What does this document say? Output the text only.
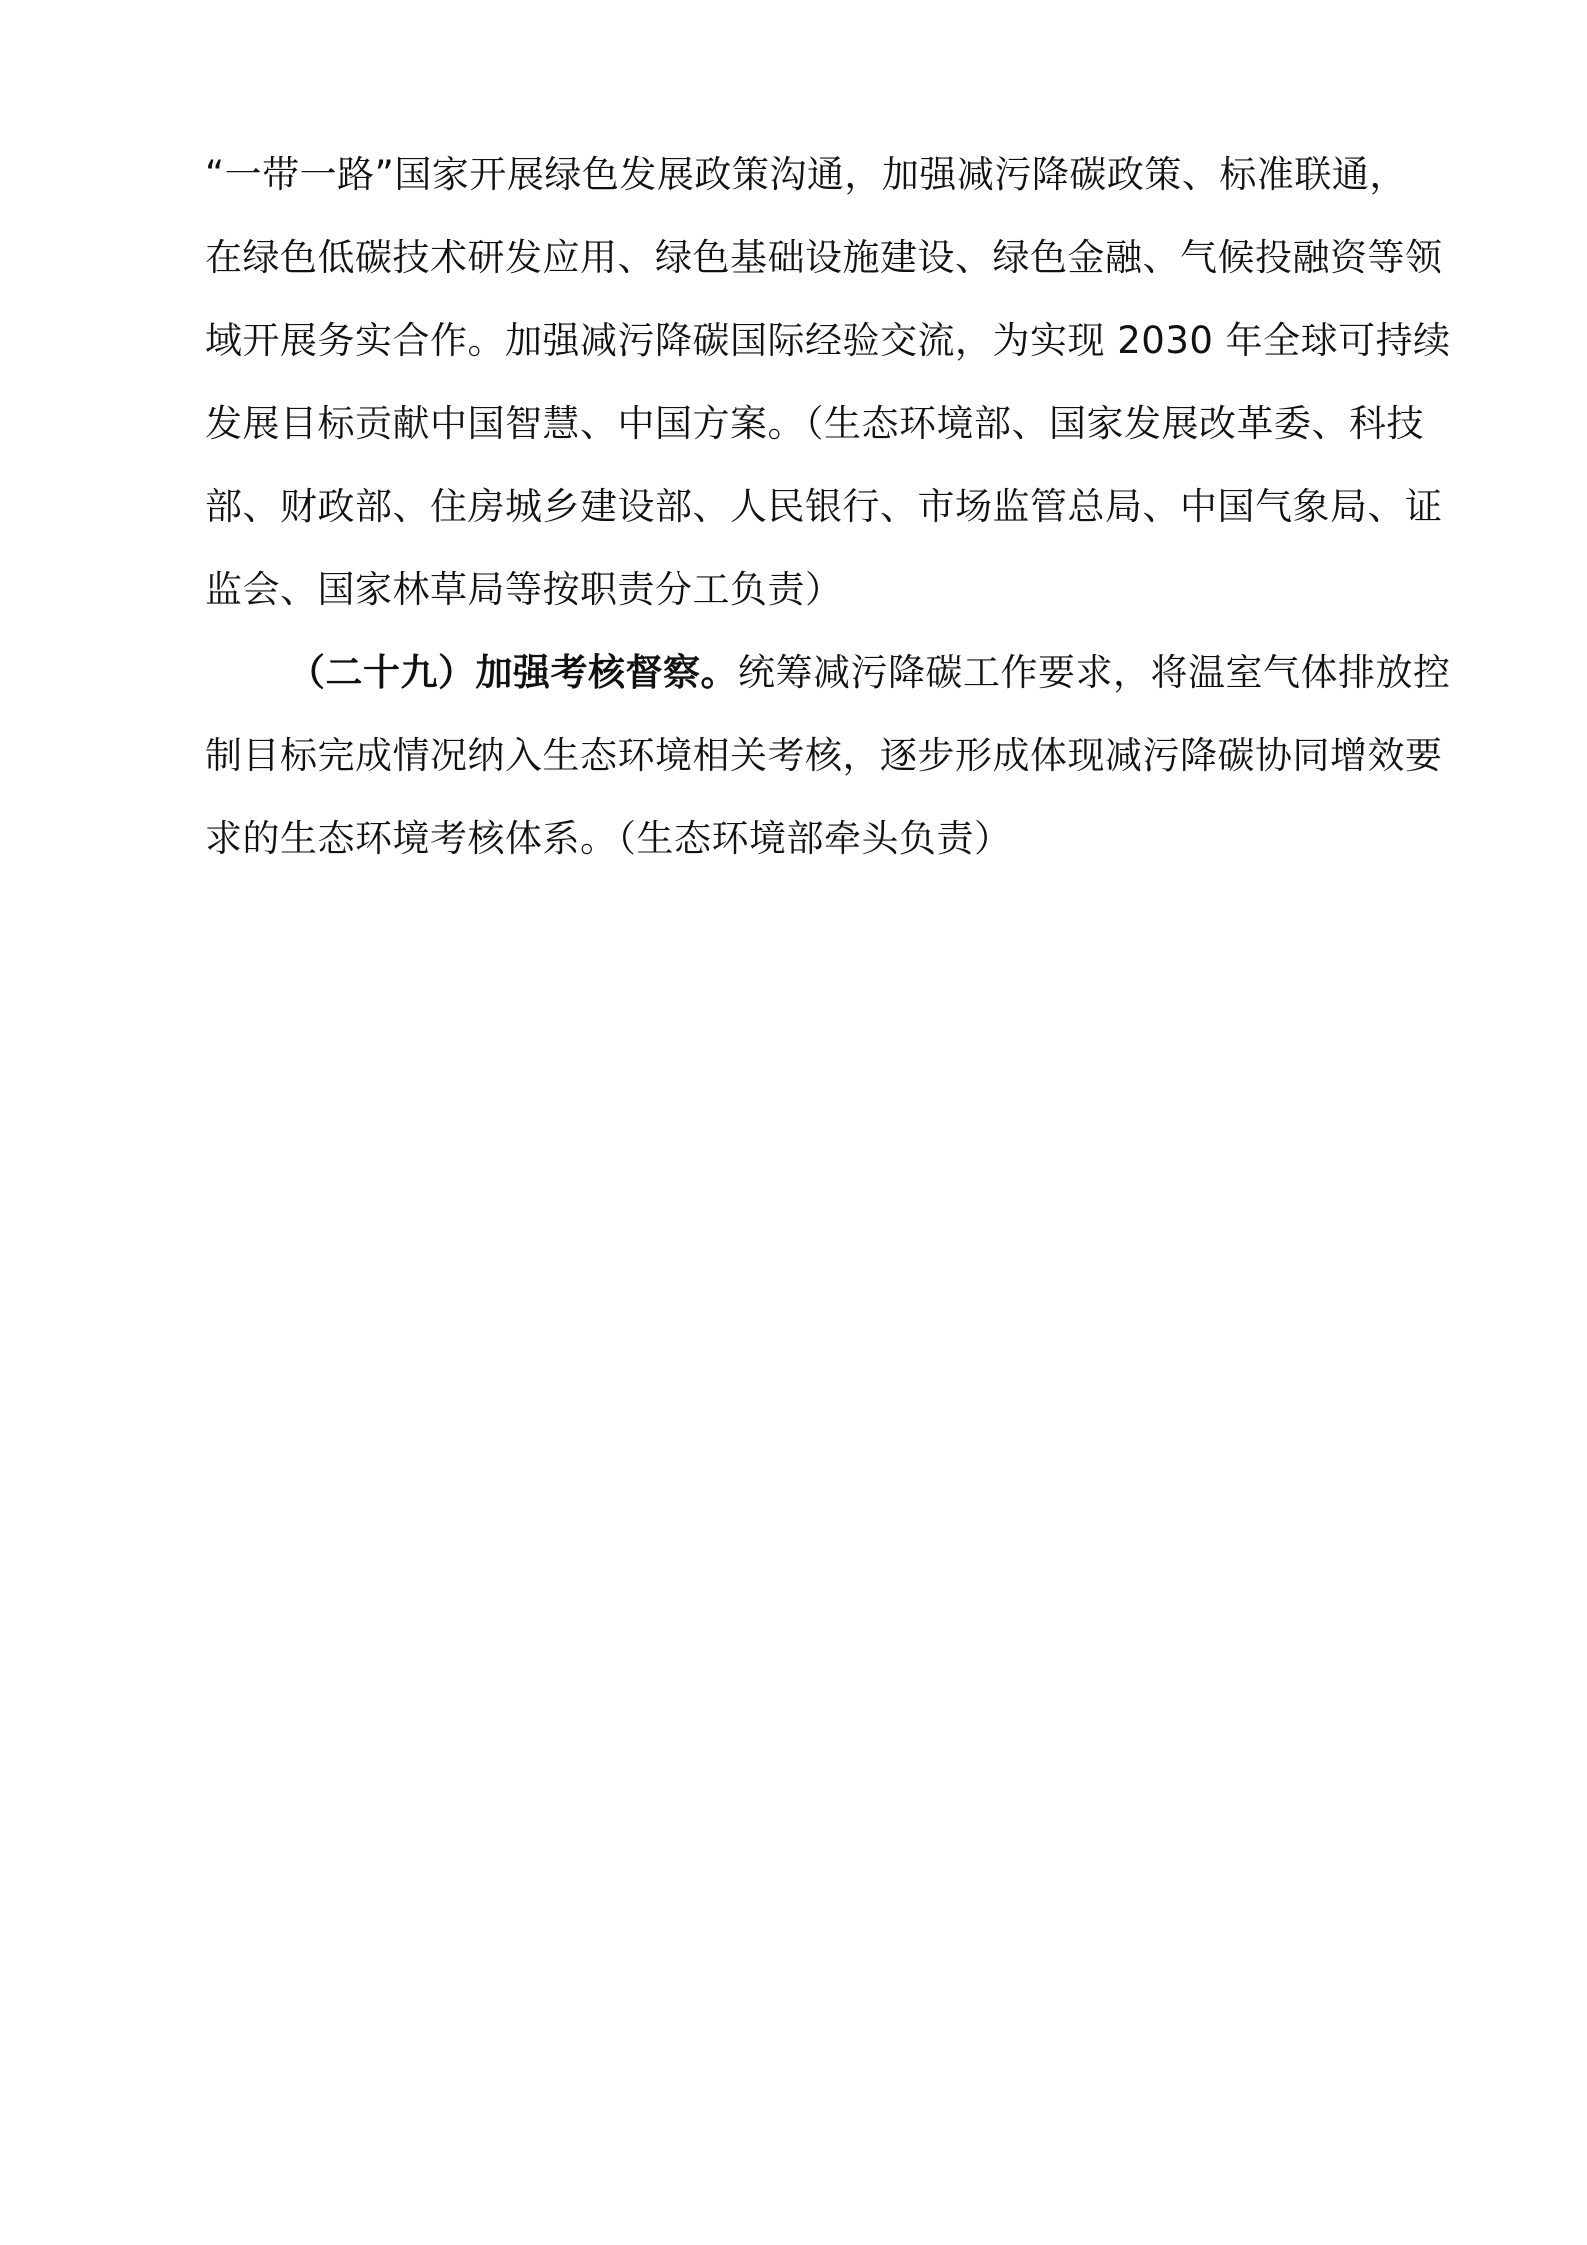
“一带一路”国家开展绿色发展政策沟通，加强减污降碳政策、标准联通，
在绿色低碳技术研发应用、绿色基础设施建设、绿色金融、气候投融资等领
域开展务实合作。加强减污降碳国际经验交流，为实现 2030 年全球可持续
发展目标贡献中国智慧、中国方案。（生态环境部、国家发展改革委、科技
部、财政部、住房城乡建设部、人民银行、市场监管总局、中国气象局、证
监会、国家林草局等按职责分工负责）
（二十九）加强考核督察。统筹减污降碳工作要求，将温室气体排放控
制目标完成情况纳入生态环境相关考核，逐步形成体现减污降碳协同增效要
求的生态环境考核体系。（生态环境部牵头负责）
